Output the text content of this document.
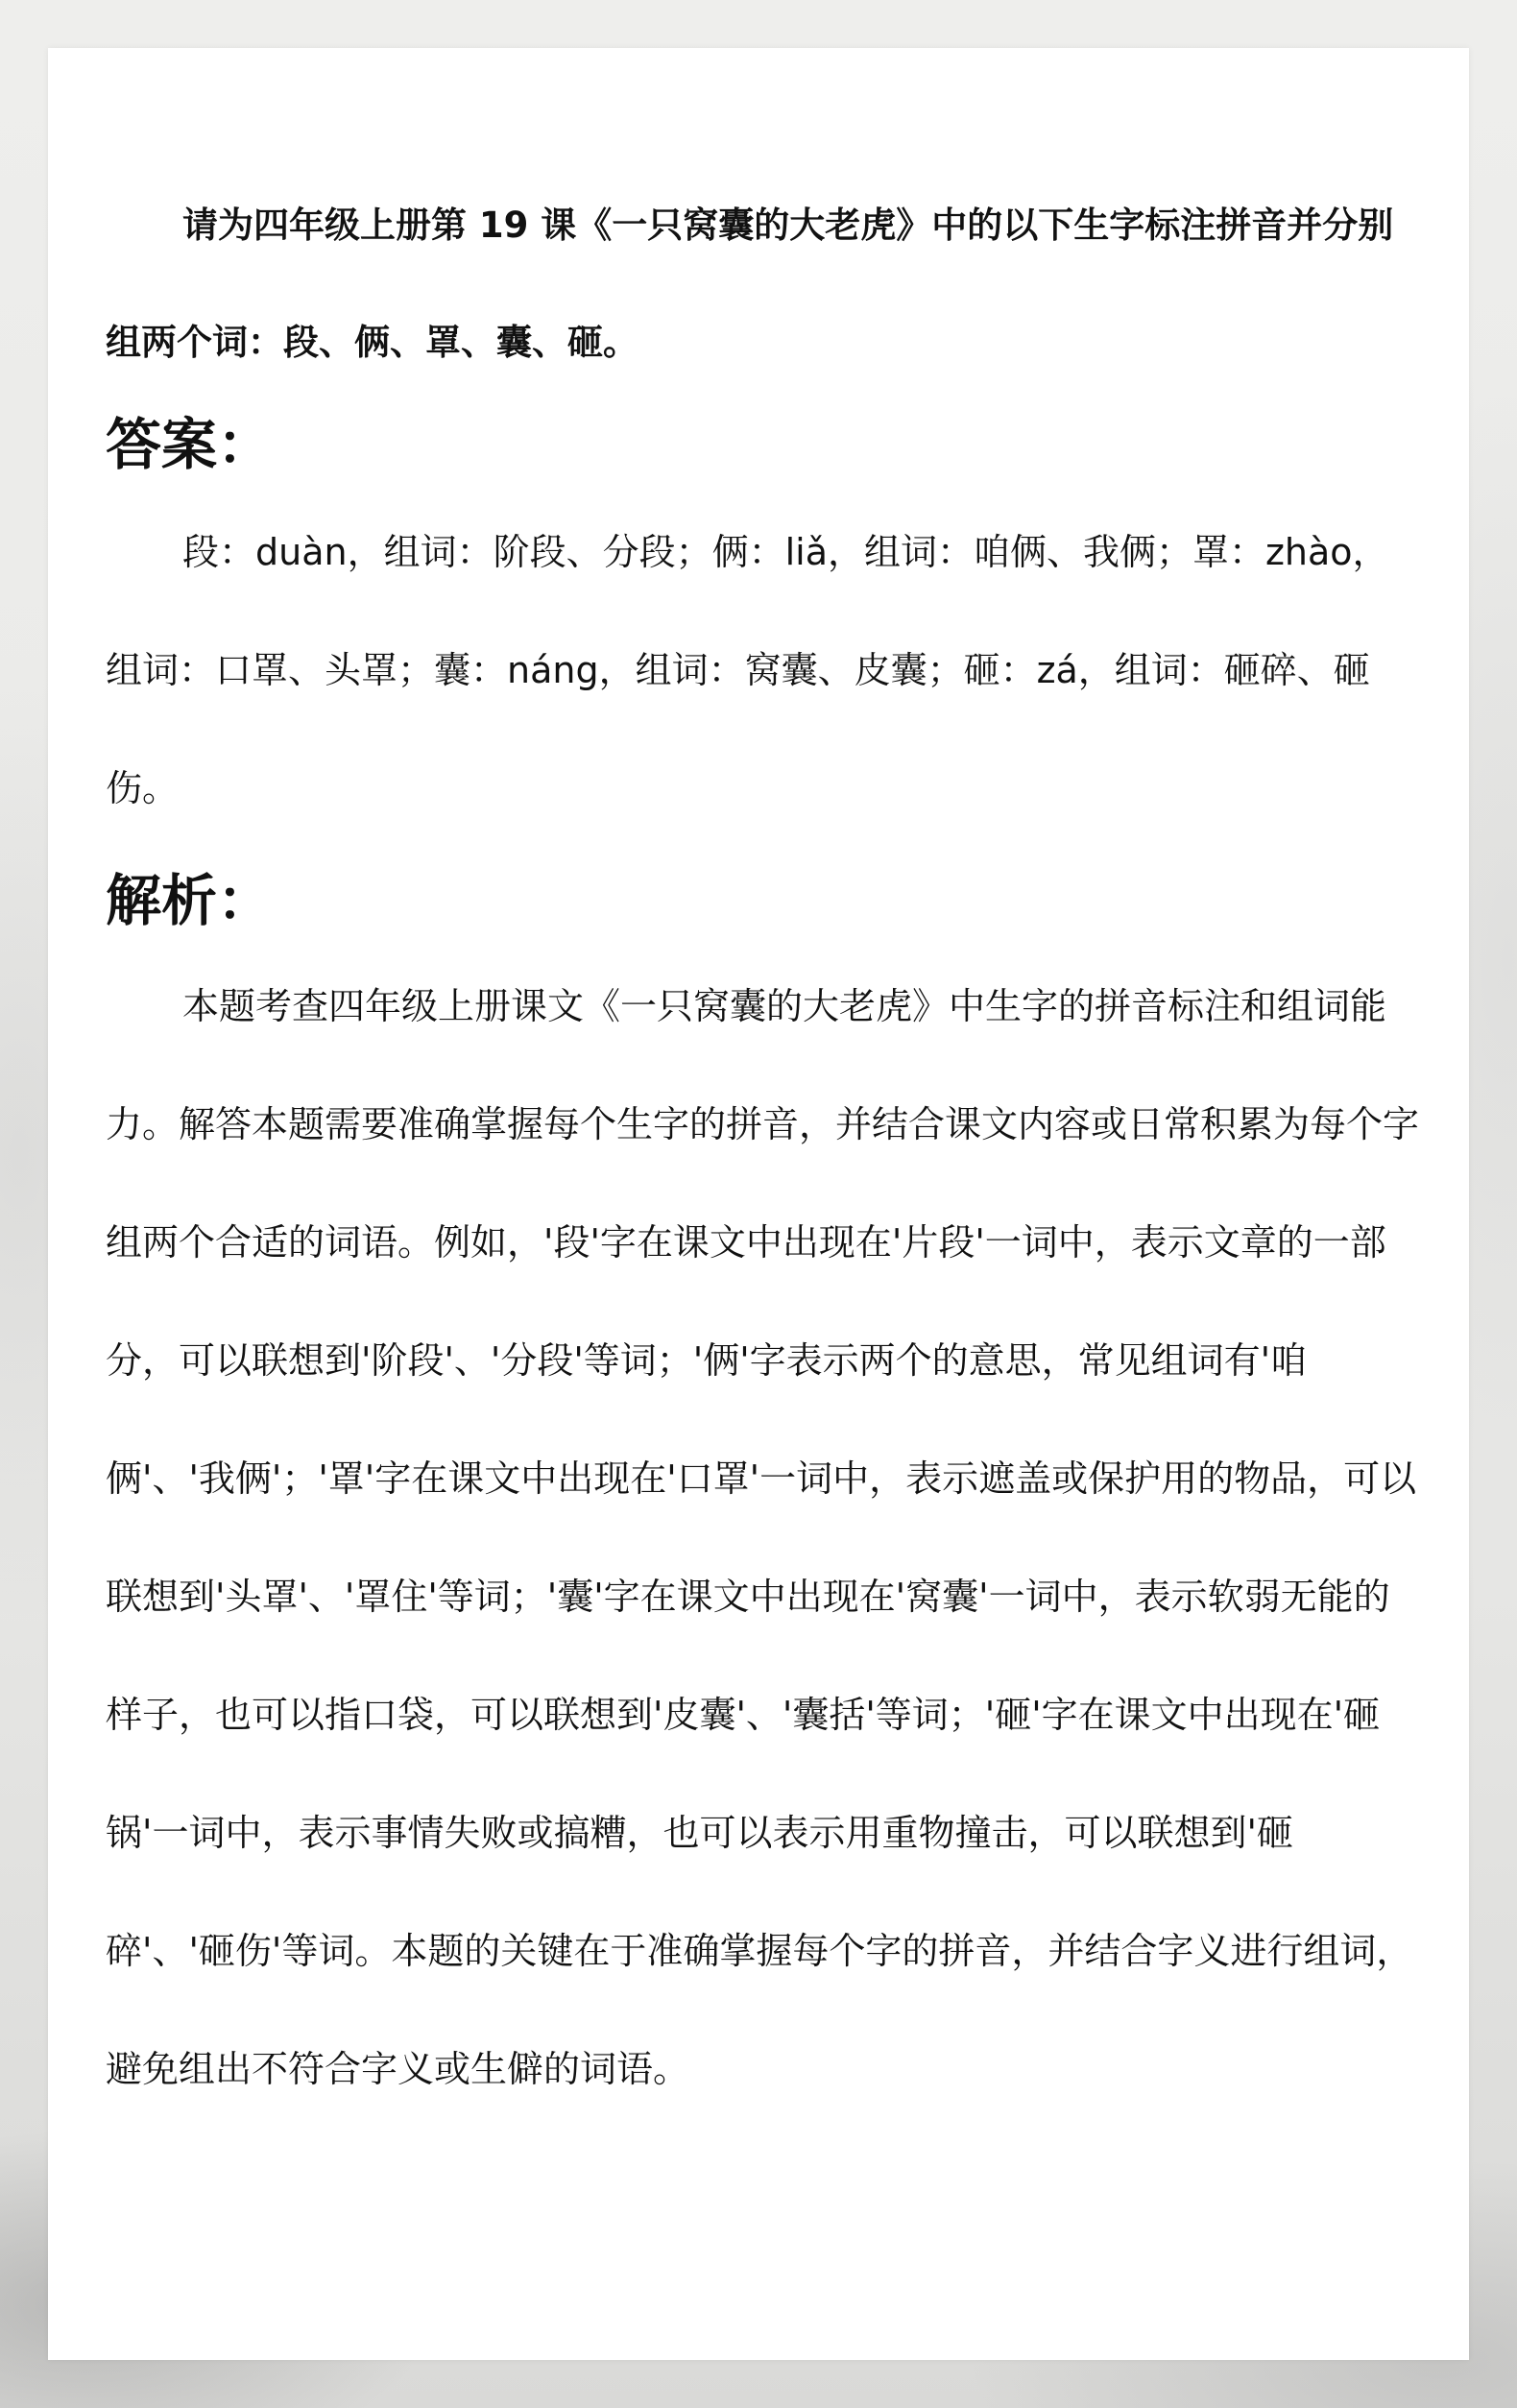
请为四年级上册第 19 课《一只窝囊的大老虎》中的以下生字标注拼音并分别组两个词：段、俩、罩、囊、砸。

答案：

段：duàn，组词：阶段、分段；俩：liǎ，组词：咱俩、我俩；罩：zhào，组词：口罩、头罩；囊：náng，组词：窝囊、皮囊；砸：zá，组词：砸碎、砸伤。

解析：

本题考查四年级上册课文《一只窝囊的大老虎》中生字的拼音标注和组词能力。解答本题需要准确掌握每个生字的拼音，并结合课文内容或日常积累为每个字组两个合适的词语。例如，'段'字在课文中出现在'片段'一词中，表示文章的一部分，可以联想到'阶段'、'分段'等词；'俩'字表示两个的意思，常见组词有'咱俩'、'我俩'；'罩'字在课文中出现在'口罩'一词中，表示遮盖或保护用的物品，可以联想到'头罩'、'罩住'等词；'囊'字在课文中出现在'窝囊'一词中，表示软弱无能的样子，也可以指口袋，可以联想到'皮囊'、'囊括'等词；'砸'字在课文中出现在'砸锅'一词中，表示事情失败或搞糟，也可以表示用重物撞击，可以联想到'砸碎'、'砸伤'等词。本题的关键在于准确掌握每个字的拼音，并结合字义进行组词，避免组出不符合字义或生僻的词语。
